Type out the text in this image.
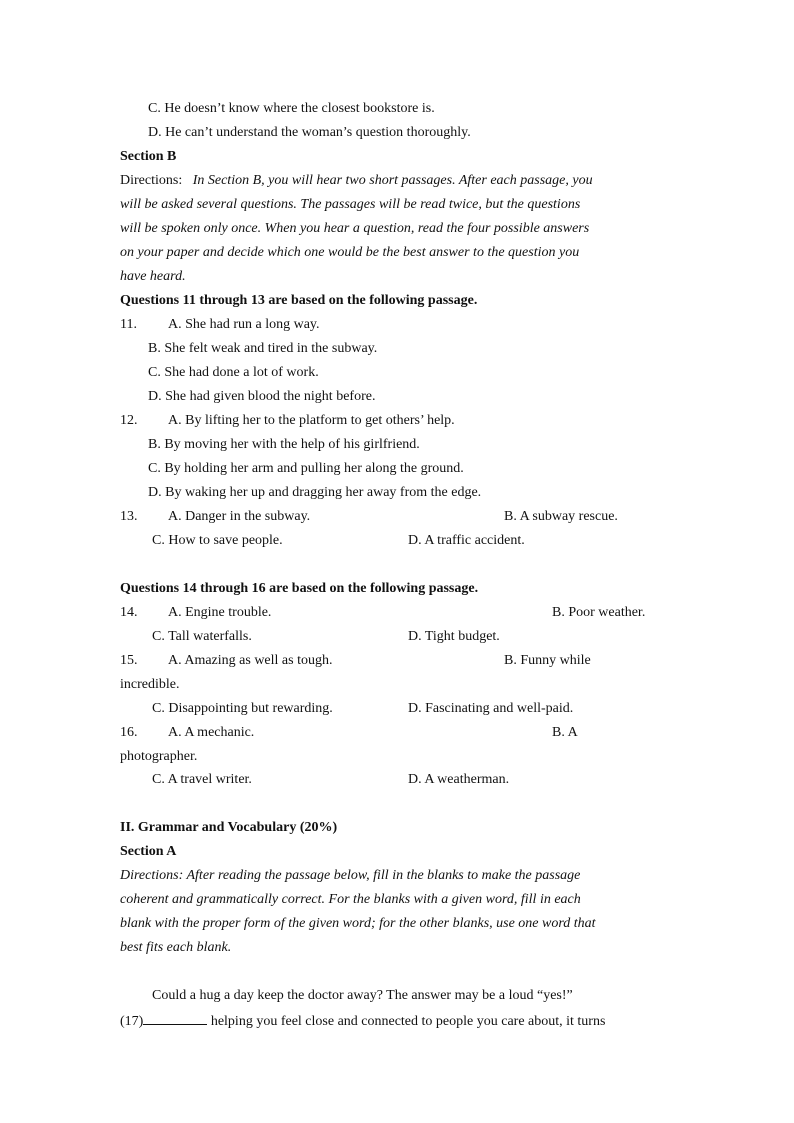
C. He doesn’t know where the closest bookstore is.
D. He can’t understand the woman’s question thoroughly.
Section B
Directions: In Section B, you will hear two short passages. After each passage, you
will be asked several questions. The passages will be read twice, but the questions
will be spoken only once. When you hear a question, read the four possible answers
on your paper and decide which one would be the best answer to the question you
have heard.
Questions 11 through 13 are based on the following passage.
11. A. She had run a long way.
B. She felt weak and tired in the subway.
C. She had done a lot of work.
D. She had given blood the night before.
12. A. By lifting her to the platform to get others’ help.
B. By moving her with the help of his girlfriend.
C. By holding her arm and pulling her along the ground.
D. By waking her up and dragging her away from the edge.
13. A. Danger in the subway.	B. A subway rescue.
C. How to save people.	D. A traffic accident.
Questions 14 through 16 are based on the following passage.
14. A. Engine trouble.	B. Poor weather.
C. Tall waterfalls.	D. Tight budget.
15. A. Amazing as well as tough.	B. Funny while
incredible.
C. Disappointing but rewarding.	D. Fascinating and well-paid.
16. A. A mechanic.	B. A
photographer.
C. A travel writer.	D. A weatherman.
II. Grammar and Vocabulary (20%)
Section A
Directions: After reading the passage below, fill in the blanks to make the passage
coherent and grammatically correct. For the blanks with a given word, fill in each
blank with the proper form of the given word; for the other blanks, use one word that
best fits each blank.
Could a hug a day keep the doctor away? The answer may be a loud “yes!”
(17)	helping you feel close and connected to people you care about, it turns
